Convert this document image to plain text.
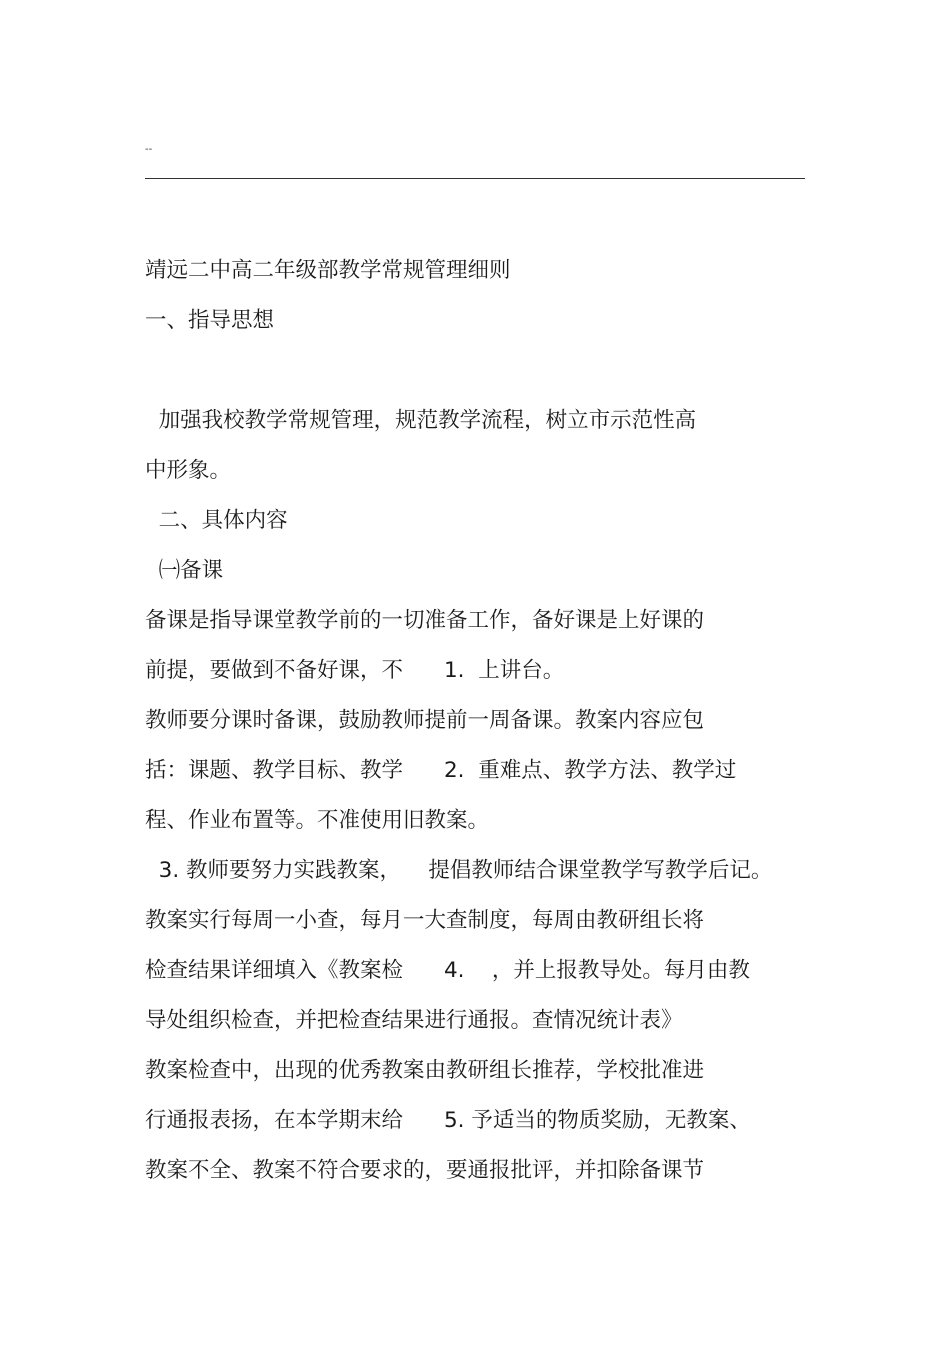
--
靖远二中高二年级部教学常规管理细则
一、指导思想
加强我校教学常规管理，规范教学流程，树立市示范性高
中形象。
二、具体内容
㈠备课
备课是指导课堂教学前的一切准备工作，备好课是上好课的
前提，要做到不备好课，不      1.  上讲台。
教师要分课时备课，鼓励教师提前一周备课。教案内容应包
括：课题、教学目标、教学      2.  重难点、教学方法、教学过
程、作业布置等。不准使用旧教案。
3. 教师要努力实践教案，    提倡教师结合课堂教学写教学后记。
教案实行每周一小查，每月一大查制度，每周由教研组长将
检查结果详细填入《教案检      4.    ，并上报教导处。每月由教
导处组织检查，并把检查结果进行通报。查情况统计表》
教案检查中，出现的优秀教案由教研组长推荐，学校批准进
行通报表扬，在本学期末给      5. 予适当的物质奖励，无教案、
教案不全、教案不符合要求的，要通报批评，并扣除备课节
